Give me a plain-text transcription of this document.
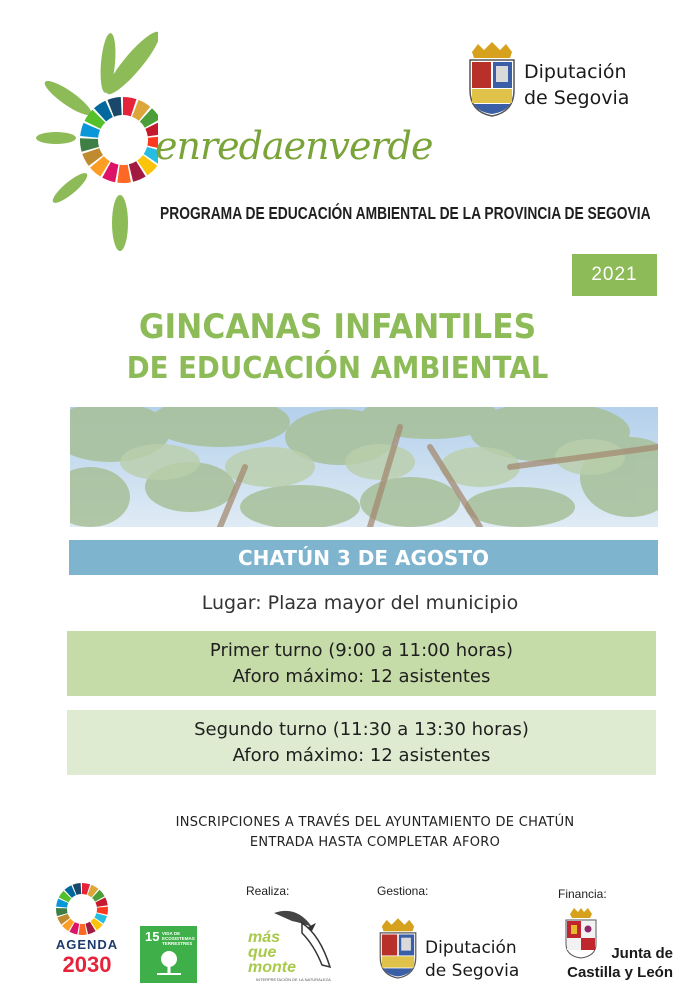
enredaenverde
PROGRAMA DE EDUCACIÓN AMBIENTAL DE LA PROVINCIA DE SEGOVIA
Diputación
de Segovia
2021
GINCANAS INFANTILES
DE EDUCACIÓN AMBIENTAL
CHATÚN 3 DE AGOSTO
Lugar: Plaza mayor del municipio
Primer turno (9:00 a 11:00 horas)
Aforo máximo: 12 asistentes
Segundo turno (11:30 a 13:30 horas)
Aforo máximo: 12 asistentes
INSCRIPCIONES A TRAVÉS DEL AYUNTAMIENTO DE CHATÚN
ENTRADA HASTA COMPLETAR AFORO
AGENDA
2030
15 VIDA DE ECOSISTEMAS TERRESTRES
Realiza:
más
que
monte
INTERPRETACIÓN DE LA NATURALEZA
Gestiona:
Diputación
de Segovia
Financia:
Junta de
Castilla y León
